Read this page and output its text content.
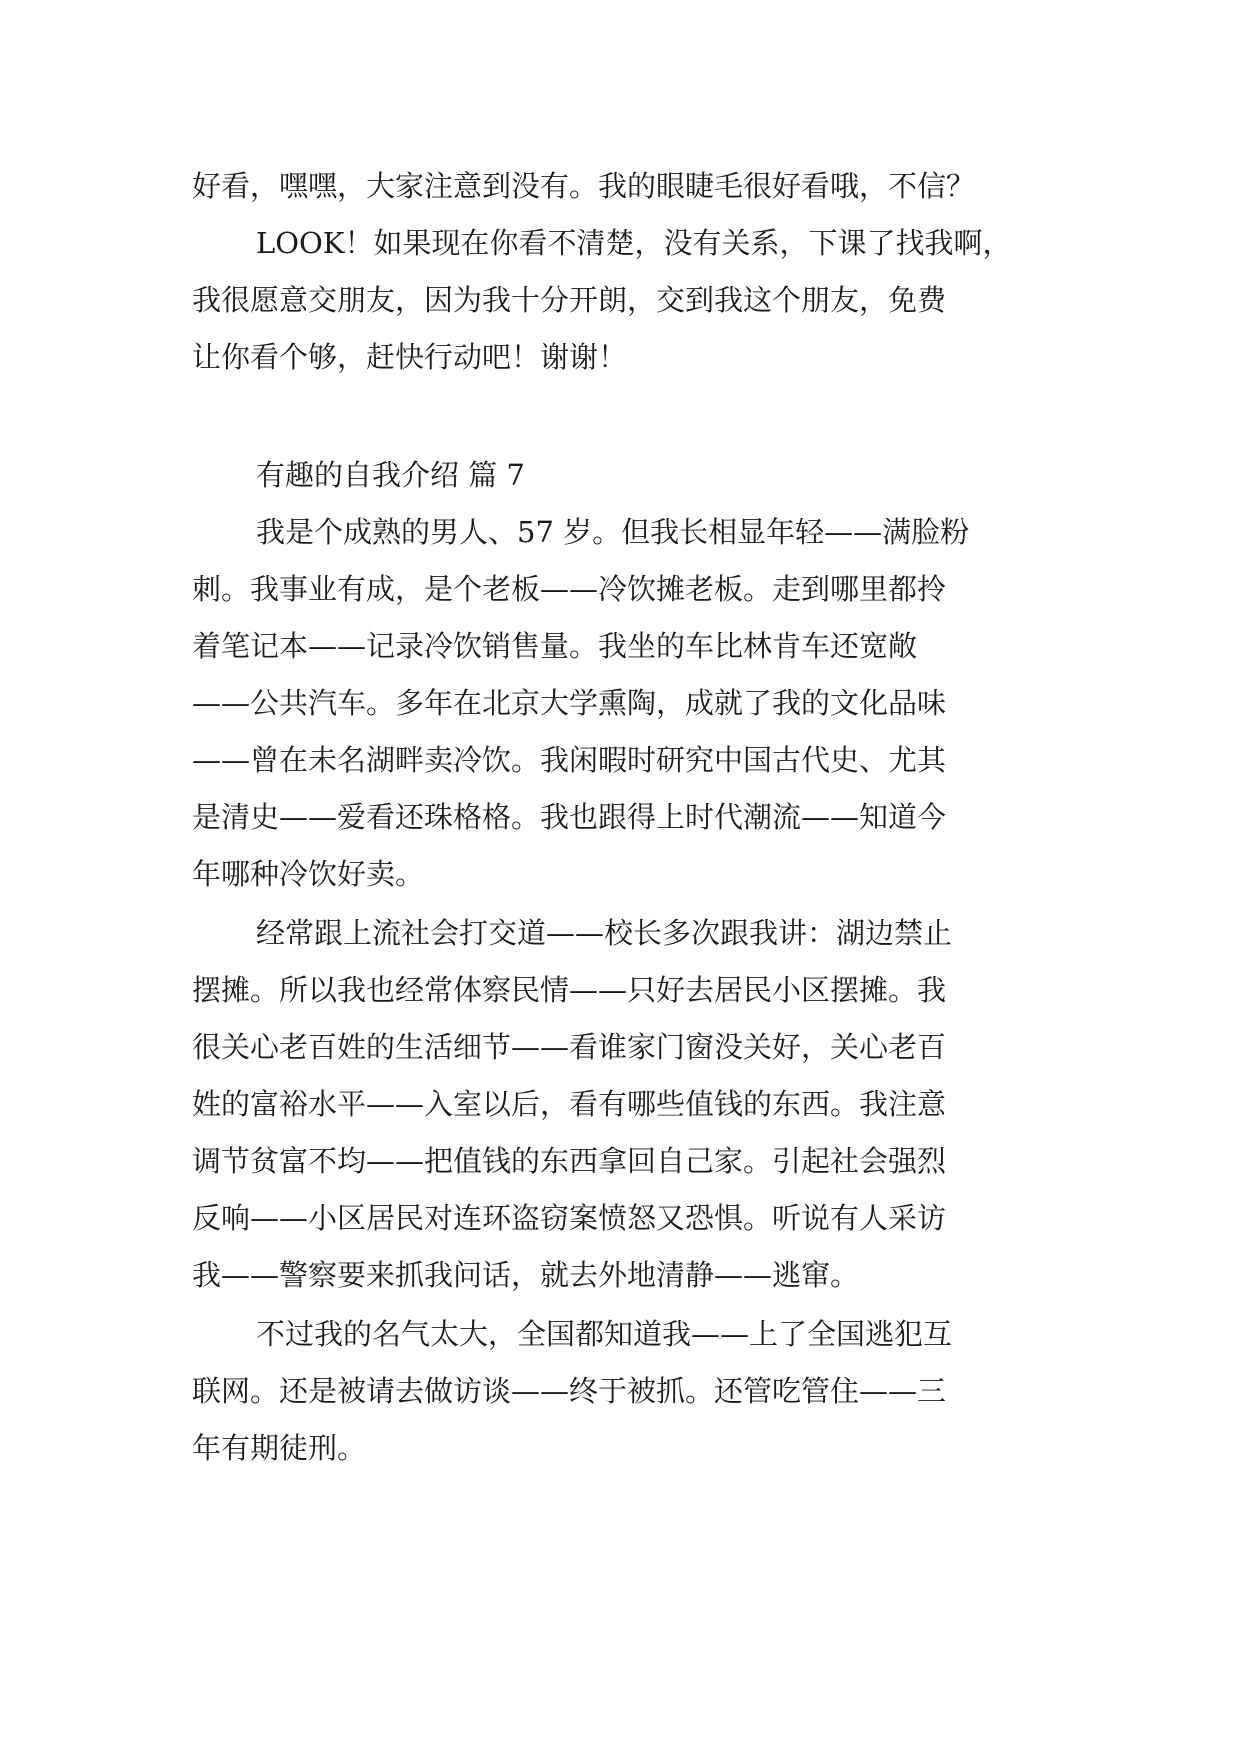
好看，嘿嘿，大家注意到没有。我的眼睫毛很好看哦，不信？
LOOK！如果现在你看不清楚，没有关系，下课了找我啊，
我很愿意交朋友，因为我十分开朗，交到我这个朋友，免费
让你看个够，赶快行动吧！谢谢！
有趣的自我介绍 篇 7
我是个成熟的男人、57 岁。但我长相显年轻——满脸粉
刺。我事业有成，是个老板——冷饮摊老板。走到哪里都拎
着笔记本——记录冷饮销售量。我坐的车比林肯车还宽敞
——公共汽车。多年在北京大学熏陶，成就了我的文化品味
——曾在未名湖畔卖冷饮。我闲暇时研究中国古代史、尤其
是清史——爱看还珠格格。我也跟得上时代潮流——知道今
年哪种冷饮好卖。
经常跟上流社会打交道——校长多次跟我讲：湖边禁止
摆摊。所以我也经常体察民情——只好去居民小区摆摊。我
很关心老百姓的生活细节——看谁家门窗没关好，关心老百
姓的富裕水平——入室以后，看有哪些值钱的东西。我注意
调节贫富不均——把值钱的东西拿回自己家。引起社会强烈
反响——小区居民对连环盗窃案愤怒又恐惧。听说有人采访
我——警察要来抓我问话，就去外地清静——逃窜。
不过我的名气太大，全国都知道我——上了全国逃犯互
联网。还是被请去做访谈——终于被抓。还管吃管住——三
年有期徒刑。
